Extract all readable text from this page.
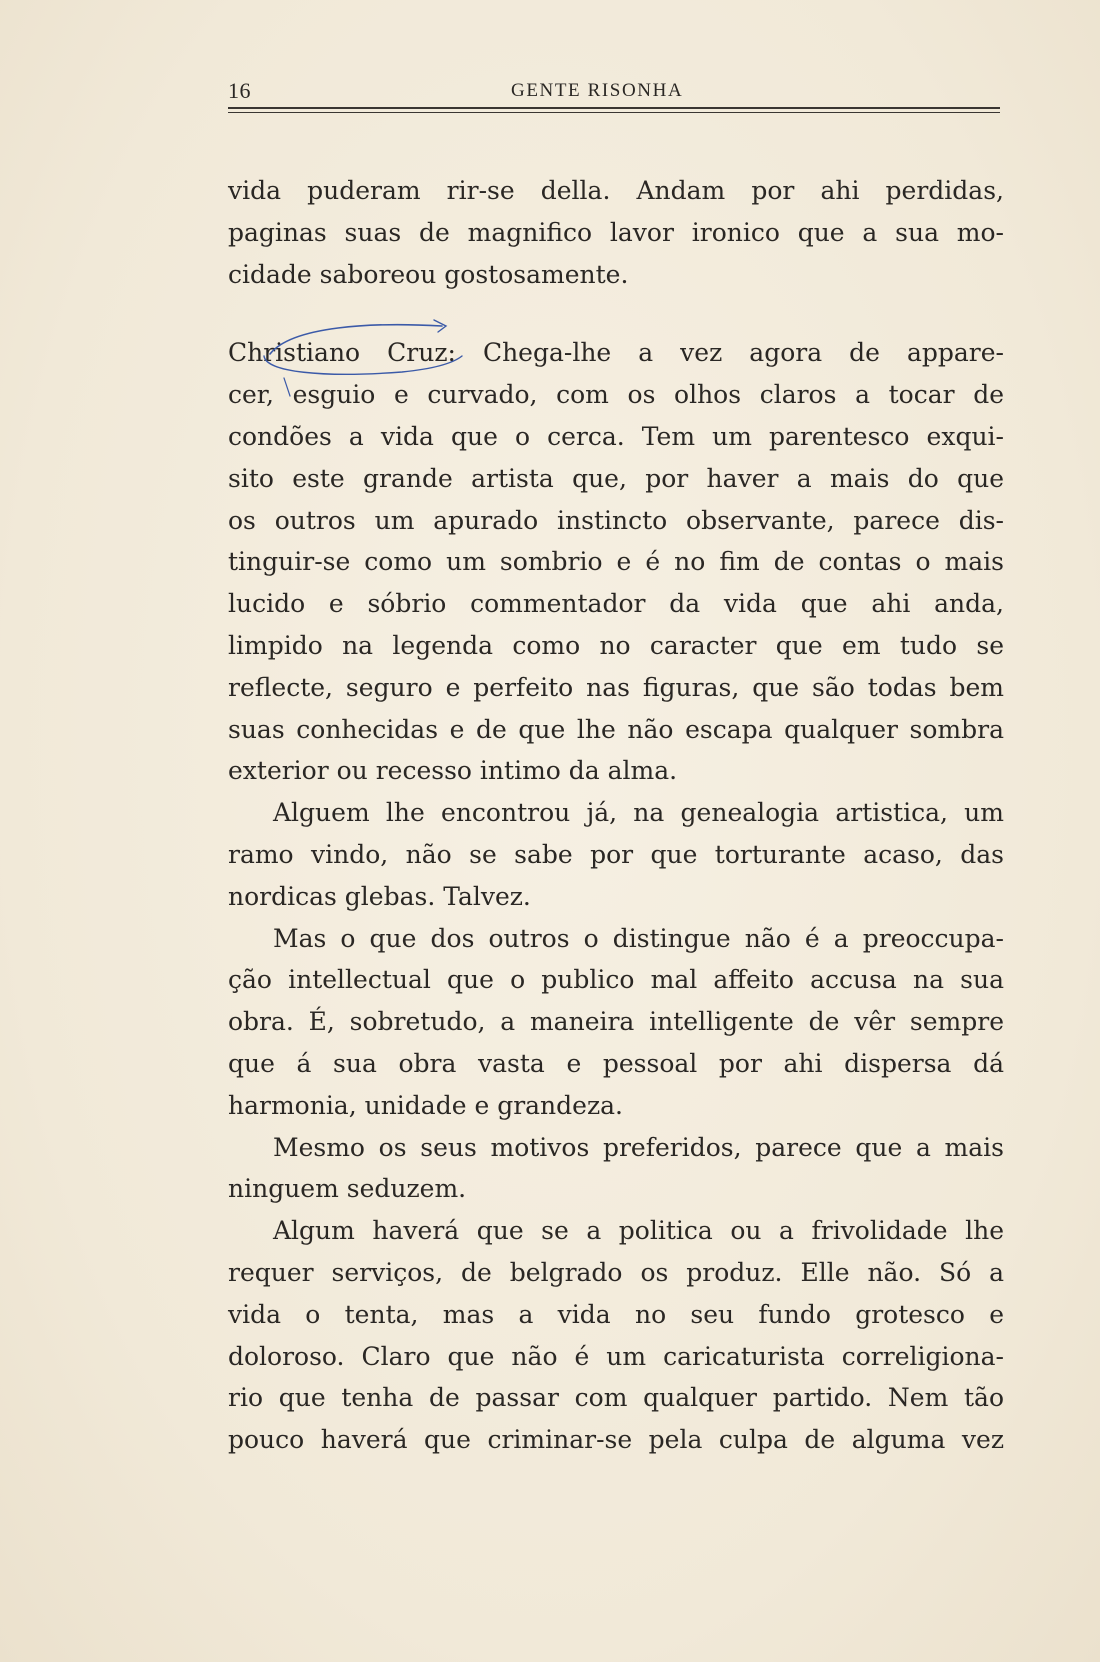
16	GENTE RISONHA
vida puderam rir-se della. Andam por ahi perdidas,
paginas suas de magnifico lavor ironico que a sua mo-
cidade saboreou gostosamente.
Christiano Cruz: Chega-lhe a vez agora de appare-
cer, esguio e curvado, com os olhos claros a tocar de
condões a vida que o cerca. Tem um parentesco exqui-
sito este grande artista que, por haver a mais do que
os outros um apurado instincto observante, parece dis-
tinguir-se como um sombrio e é no fim de contas o mais
lucido e sóbrio commentador da vida que ahi anda,
limpido na legenda como no caracter que em tudo se
reflecte, seguro e perfeito nas figuras, que são todas bem
suas conhecidas e de que lhe não escapa qualquer sombra
exterior ou recesso intimo da alma.
Alguem lhe encontrou já, na genealogia artistica, um
ramo vindo, não se sabe por que torturante acaso, das
nordicas glebas. Talvez.
Mas o que dos outros o distingue não é a preoccupa-
ção intellectual que o publico mal affeito accusa na sua
obra. É, sobretudo, a maneira intelligente de vêr sempre
que á sua obra vasta e pessoal por ahi dispersa dá
harmonia, unidade e grandeza.
Mesmo os seus motivos preferidos, parece que a mais
ninguem seduzem.
Algum haverá que se a politica ou a frivolidade lhe
requer serviços, de belgrado os produz. Elle não. Só a
vida o tenta, mas a vida no seu fundo grotesco e
doloroso. Claro que não é um caricaturista correligiona-
rio que tenha de passar com qualquer partido. Nem tão
pouco haverá que criminar-se pela culpa de alguma vez
